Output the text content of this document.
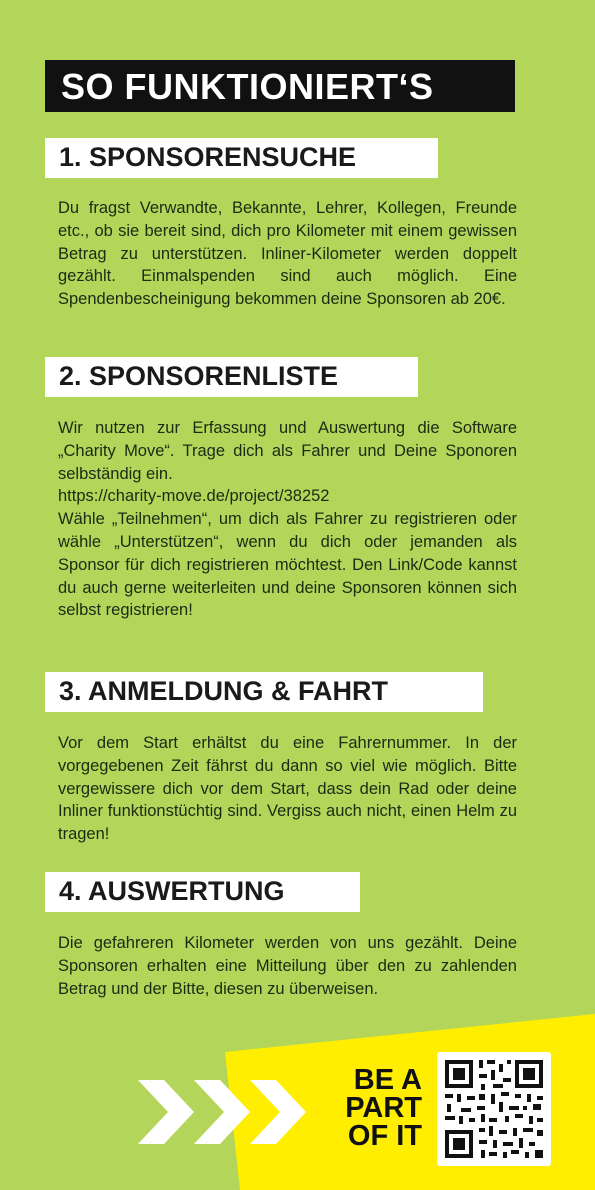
SO FUNKTIONIERT‘S
1. SPONSORENSUCHE

Du fragst Verwandte, Bekannte, Lehrer, Kollegen, Freunde etc., ob sie bereit sind, dich pro Kilometer mit einem gewissen Betrag zu unterstützen. Inliner-Kilometer werden doppelt gezählt. Einmalspenden sind auch möglich. Eine Spendenbescheinigung bekommen deine Sponsoren ab 20€.

2. SPONSORENLISTE

Wir nutzen zur Erfassung und Auswertung die Software „Charity Move“. Trage dich als Fahrer und Deine Sponoren selbständig ein.

https://charity-move.de/project/38252

Wähle „Teilnehmen“, um dich als Fahrer zu registrieren oder wähle „Unterstützen“, wenn du dich oder jemanden als Sponsor für dich registrieren möchtest. Den Link/Code kannst du auch gerne weiterleiten und deine Sponsoren können sich selbst registrieren!

3. ANMELDUNG & FAHRT

Vor dem Start erhältst du eine Fahrernummer. In der vorgegebenen Zeit fährst du dann so viel wie möglich. Bitte vergewissere dich vor dem Start, dass dein Rad oder deine Inliner funktionstüchtig sind. Vergiss auch nicht, einen Helm zu tragen!

4. AUSWERTUNG

Die gefahreren Kilometer werden von uns gezählt. Deine Sponsoren erhalten eine Mitteilung über den zu zahlenden Betrag und der Bitte, diesen zu überweisen.

BE A
PART
OF IT
